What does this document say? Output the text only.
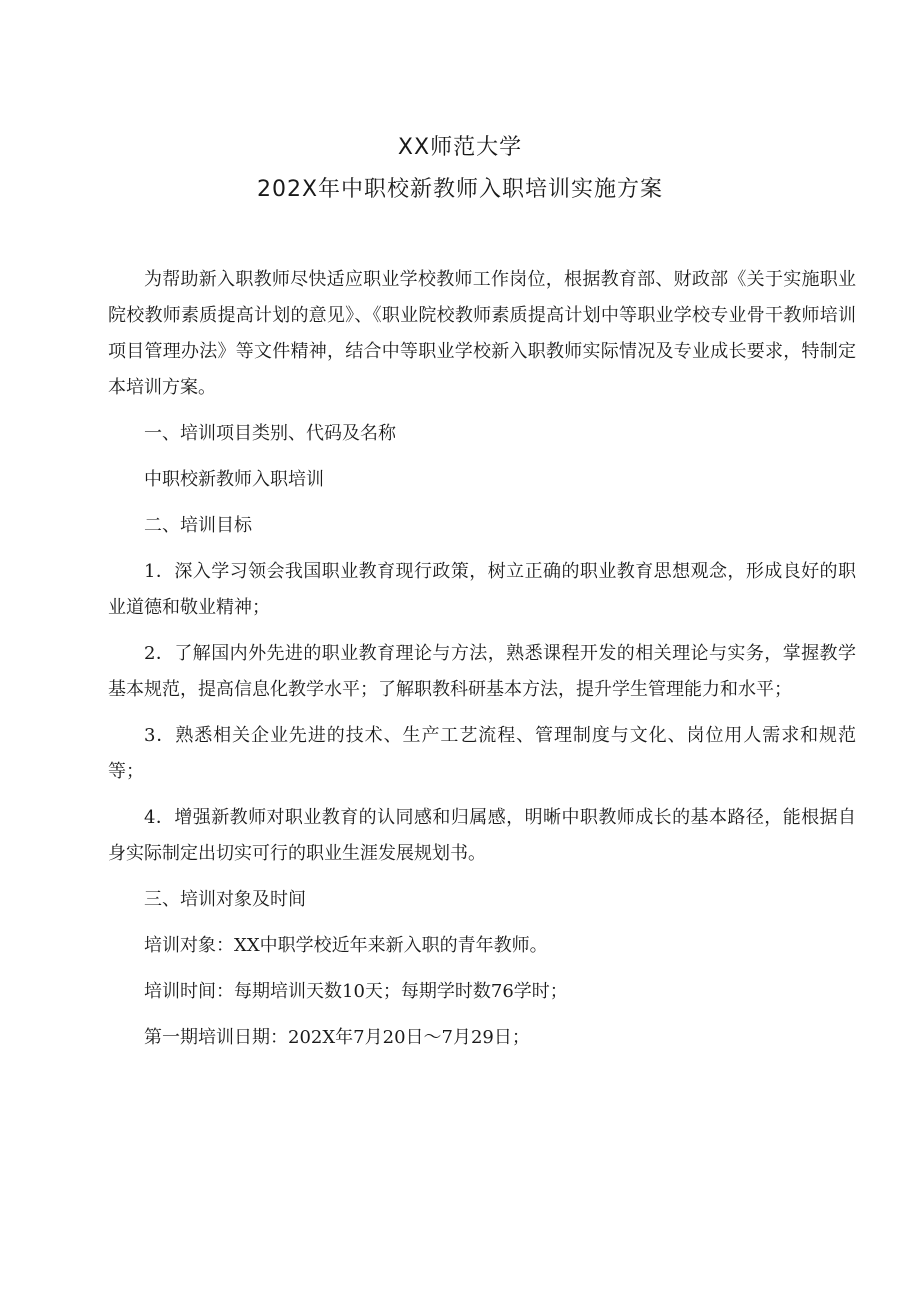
XX师范大学
202X年中职校新教师入职培训实施方案

为帮助新入职教师尽快适应职业学校教师工作岗位，根据教育部、财政部《关于实施职业院校教师素质提高计划的意见》、《职业院校教师素质提高计划中等职业学校专业骨干教师培训项目管理办法》等文件精神，结合中等职业学校新入职教师实际情况及专业成长要求，特制定本培训方案。

一、培训项目类别、代码及名称

中职校新教师入职培训

二、培训目标

1．深入学习领会我国职业教育现行政策，树立正确的职业教育思想观念，形成良好的职业道德和敬业精神；

2．了解国内外先进的职业教育理论与方法，熟悉课程开发的相关理论与实务，掌握教学基本规范，提高信息化教学水平；了解职教科研基本方法，提升学生管理能力和水平；

3．熟悉相关企业先进的技术、生产工艺流程、管理制度与文化、岗位用人需求和规范等；

4．增强新教师对职业教育的认同感和归属感，明晰中职教师成长的基本路径，能根据自身实际制定出切实可行的职业生涯发展规划书。

三、培训对象及时间

培训对象：XX中职学校近年来新入职的青年教师。

培训时间：每期培训天数10天；每期学时数76学时；

第一期培训日期：202X年7月20日～7月29日；
